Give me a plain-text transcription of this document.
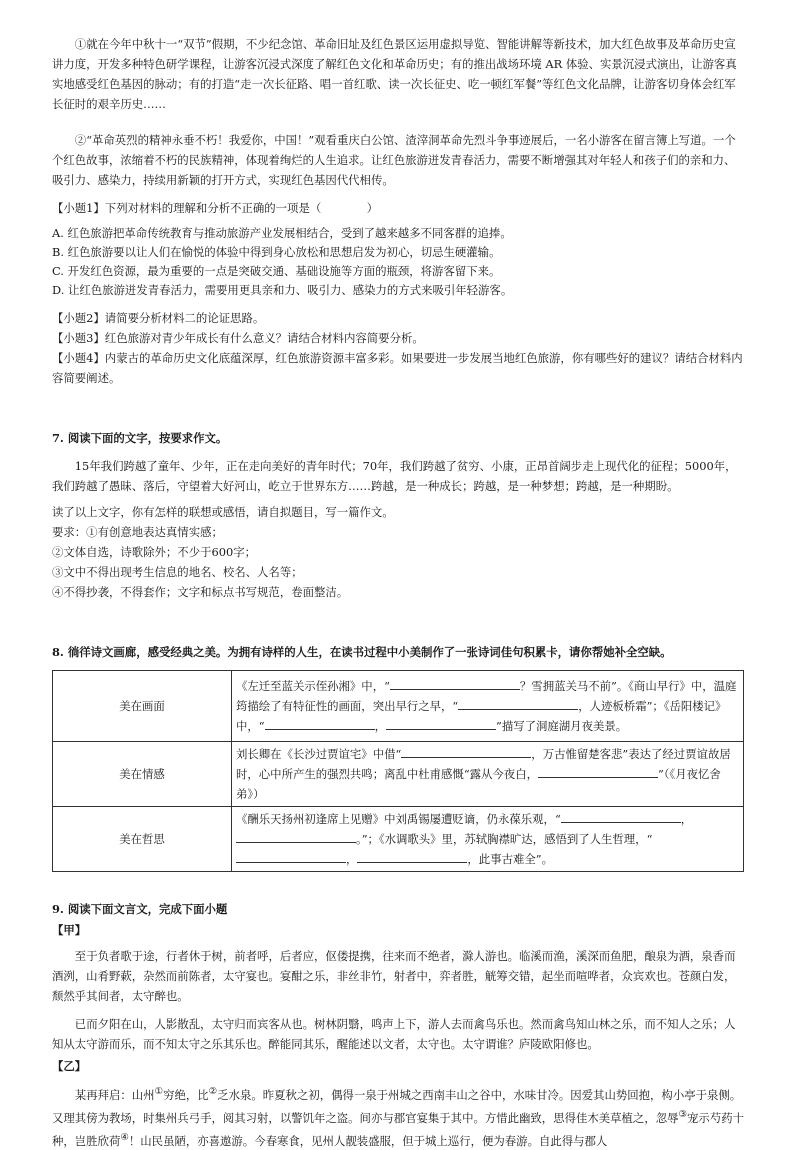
①就在今年中秋十一“双节”假期，不少纪念馆、革命旧址及红色景区运用虚拟导览、智能讲解等新技术，加大红色故事及革命历史宣讲力度，开发多种特色研学课程，让游客沉浸式深度了解红色文化和革命历史；有的推出战场环境 AR 体验、实景沉浸式演出，让游客真实地感受红色基因的脉动；有的打造“走一次长征路、唱一首红歌、读一次长征史、吃一顿红军餐”等红色文化品牌，让游客切身体会红军长征时的艰辛历史……

②“革命英烈的精神永垂不朽！我爱你，中国！”观看重庆白公馆、渣滓洞革命先烈斗争事迹展后，一名小游客在留言簿上写道。一个个红色故事，浓缩着不朽的民族精神，体现着绚烂的人生追求。让红色旅游迸发青春活力，需要不断增强其对年轻人和孩子们的亲和力、吸引力、感染力，持续用新颖的打开方式，实现红色基因代代相传。

【小题1】下列对材料的理解和分析不正确的一项是（　　　　）

A. 红色旅游把革命传统教育与推动旅游产业发展相结合，受到了越来越多不同客群的追捧。

B. 红色旅游要以让人们在愉悦的体验中得到身心放松和思想启发为初心，切忌生硬灌输。

C. 开发红色资源，最为重要的一点是突破交通、基础设施等方面的瓶颈，将游客留下来。

D. 让红色旅游迸发青春活力，需要用更具亲和力、吸引力、感染力的方式来吸引年轻游客。

【小题2】请简要分析材料二的论证思路。

【小题3】红色旅游对青少年成长有什么意义？请结合材料内容简要分析。

【小题4】内蒙古的革命历史文化底蕴深厚，红色旅游资源丰富多彩。如果要进一步发展当地红色旅游，你有哪些好的建议？请结合材料内容简要阐述。

7. 阅读下面的文字，按要求作文。

15年我们跨越了童年、少年，正在走向美好的青年时代；70年，我们跨越了贫穷、小康，正昂首阔步走上现代化的征程；5000年，我们跨越了愚昧、落后，守望着大好河山，屹立于世界东方……跨越，是一种成长；跨越，是一种梦想；跨越，是一种期盼。

读了以上文字，你有怎样的联想或感悟，请自拟题目，写一篇作文。

要求：①有创意地表达真情实感；

②文体自选，诗歌除外；不少于600字；

③文中不得出现考生信息的地名、校名、人名等；

④不得抄袭，不得套作；文字和标点书写规范，卷面整洁。

8. 徜徉诗文画廊，感受经典之美。为拥有诗样的人生，在读书过程中小美制作了一张诗词佳句积累卡，请你帮她补全空缺。

美在画面	《左迁至蓝关示侄孙湘》中，“ ？雪拥蓝关马不前”。《商山早行》中，温庭筠描绘了有特征性的画面，突出早行之早，“ ，人迹板桥霜”；《岳阳楼记》中，“ ， ”描写了洞庭湖月夜美景。
美在情感	刘长卿在《长沙过贾谊宅》中借“ ，万古惟留楚客悲”表达了经过贾谊故居时，心中所产生的强烈共鸣；离乱中杜甫感慨“露从今夜白， ”（《月夜忆舍弟》）
美在哲思	《酬乐天扬州初逢席上见赠》中刘禹锡屡遭贬谪，仍永葆乐观，“ ，。”；《水调歌头》里，苏轼胸襟旷达，感悟到了人生哲理，“， ，此事古难全”。

9. 阅读下面文言文，完成下面小题

【甲】

至于负者歌于途，行者休于树，前者呼，后者应，伛偻提携，往来而不绝者，滁人游也。临溪而渔，溪深而鱼肥，酿泉为酒，泉香而酒洌，山肴野蔌，杂然而前陈者，太守宴也。宴酣之乐，非丝非竹，射者中，弈者胜，觥筹交错，起坐而喧哗者，众宾欢也。苍颜白发，颓然乎其间者，太守醉也。

已而夕阳在山，人影散乱，太守归而宾客从也。树林阴翳，鸣声上下，游人去而禽鸟乐也。然而禽鸟知山林之乐，而不知人之乐；人知从太守游而乐，而不知太守之乐其乐也。醉能同其乐，醒能述以文者，太守也。太守谓谁？庐陵欧阳修也。

【乙】

某再拜启：山州①穷绝，比②乏水泉。昨夏秋之初，偶得一泉于州城之西南丰山之谷中，水味甘冷。因爱其山势回抱，构小亭于泉侧。又理其傍为教场，时集州兵弓手，阅其习射，以警饥年之盗。间亦与郡官宴集于其中。方惜此幽致，思得佳木美草植之，忽辱③宠示芍药十种，岂胜欣荷④！山民虽陋，亦喜遨游。今春寒食，见州人靓装盛服，但于城上巡行，便为春游。自此得与郡人
